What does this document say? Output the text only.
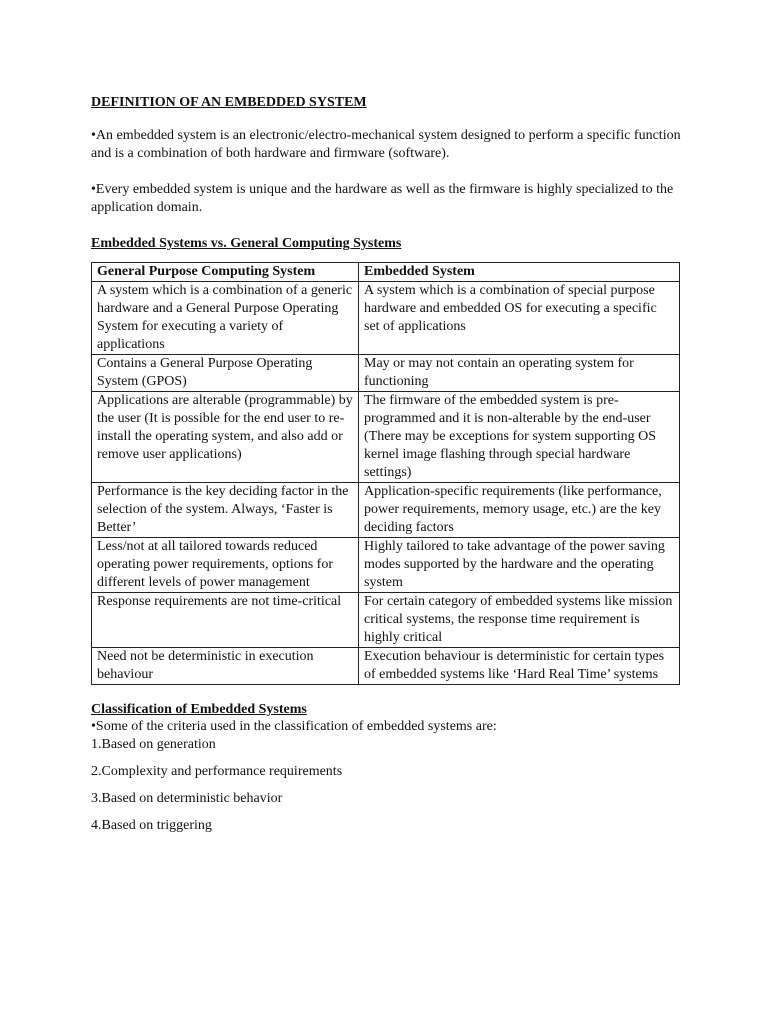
DEFINITION OF AN EMBEDDED SYSTEM

•An embedded system is an electronic/electro-mechanical system designed to perform a specific function and is a combination of both hardware and firmware (software).

•Every embedded system is unique and the hardware as well as the firmware is highly specialized to the application domain.

Embedded Systems vs. General Computing Systems

General Purpose Computing System	Embedded System
A system which is a combination of a generic hardware and a General Purpose Operating System for executing a variety of applications	A system which is a combination of special purpose hardware and embedded OS for executing a specific set of applications
Contains a General Purpose Operating System (GPOS)	May or may not contain an operating system for functioning
Applications are alterable (programmable) by the user (It is possible for the end user to re-install the operating system, and also add or remove user applications)	The firmware of the embedded system is pre-programmed and it is non-alterable by the end-user (There may be exceptions for system supporting OS kernel image flashing through special hardware settings)
Performance is the key deciding factor in the selection of the system. Always, ‘Faster is Better’	Application-specific requirements (like performance, power requirements, memory usage, etc.) are the key deciding factors
Less/not at all tailored towards reduced operating power requirements, options for different levels of power management	Highly tailored to take advantage of the power saving modes supported by the hardware and the operating system
Response requirements are not time-critical	For certain category of embedded systems like mission critical systems, the response time requirement is highly critical
Need not be deterministic in execution behaviour	Execution behaviour is deterministic for certain types of embedded systems like ‘Hard Real Time’ systems

Classification of Embedded Systems

•Some of the criteria used in the classification of embedded systems are:
1.Based on generation
2.Complexity and performance requirements
3.Based on deterministic behavior
4.Based on triggering
